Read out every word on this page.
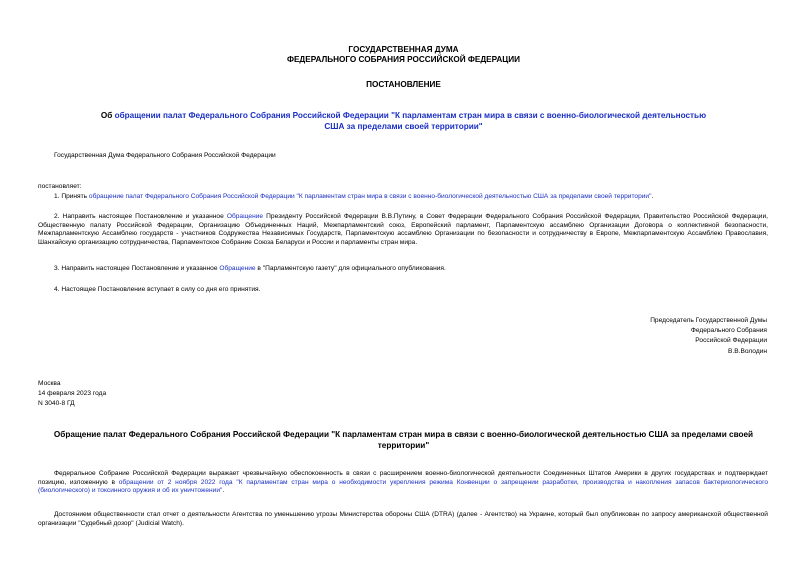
ГОСУДАРСТВЕННАЯ ДУМА
ФЕДЕРАЛЬНОГО СОБРАНИЯ РОССИЙСКОЙ ФЕДЕРАЦИИ
ПОСТАНОВЛЕНИЕ
Об обращении палат Федерального Собрания Российской Федерации "К парламентам стран мира в связи с военно-биологической деятельностью США за пределами своей территории"
Государственная Дума Федерального Собрания Российской Федерации
постановляет:
1. Принять обращение палат Федерального Собрания Российской Федерации "К парламентам стран мира в связи с военно-биологической деятельностью США за пределами своей территории".
2. Направить настоящее Постановление и указанное Обращение Президенту Российской Федерации В.В.Путину, в Совет Федерации Федерального Собрания Российской Федерации, Правительство Российской Федерации, Общественную палату Российской Федерации, Организацию Объединенных Наций, Межпарламентский союз, Европейский парламент, Парламентскую ассамблею Организации Договора о коллективной безопасности, Межпарламентскую Ассамблею государств - участников Содружества Независимых Государств, Парламентскую ассамблею Организации по безопасности и сотрудничеству в Европе, Межпарламентскую Ассамблею Православия, Шанхайскую организацию сотрудничества, Парламентское Собрание Союза Беларуси и России и парламенты стран мира.
3. Направить настоящее Постановление и указанное Обращение в "Парламентскую газету" для официального опубликования.
4. Настоящее Постановление вступает в силу со дня его принятия.
Председатель Государственной Думы
Федерального Собрания
Российской Федерации
В.В.Володин
Москва
14 февраля 2023 года
N 3040-8 ГД
Обращение палат Федерального Собрания Российской Федерации "К парламентам стран мира в связи с военно-биологической деятельностью США за пределами своей территории"
Федеральное Собрание Российской Федерации выражает чрезвычайную обеспокоенность в связи с расширением военно-биологической деятельности Соединенных Штатов Америки в других государствах и подтверждает позицию, изложенную в обращении от 2 ноября 2022 года "К парламентам стран мира о необходимости укрепления режима Конвенции о запрещении разработки, производства и накопления запасов бактериологического (биологического) и токсинного оружия и об их уничтожении".
Достоянием общественности стал отчет о деятельности Агентства по уменьшению угрозы Министерства обороны США (DTRA) (далее - Агентство) на Украине, который был опубликован по запросу американской общественной организации "Судебный дозор" (Judicial Watch).
